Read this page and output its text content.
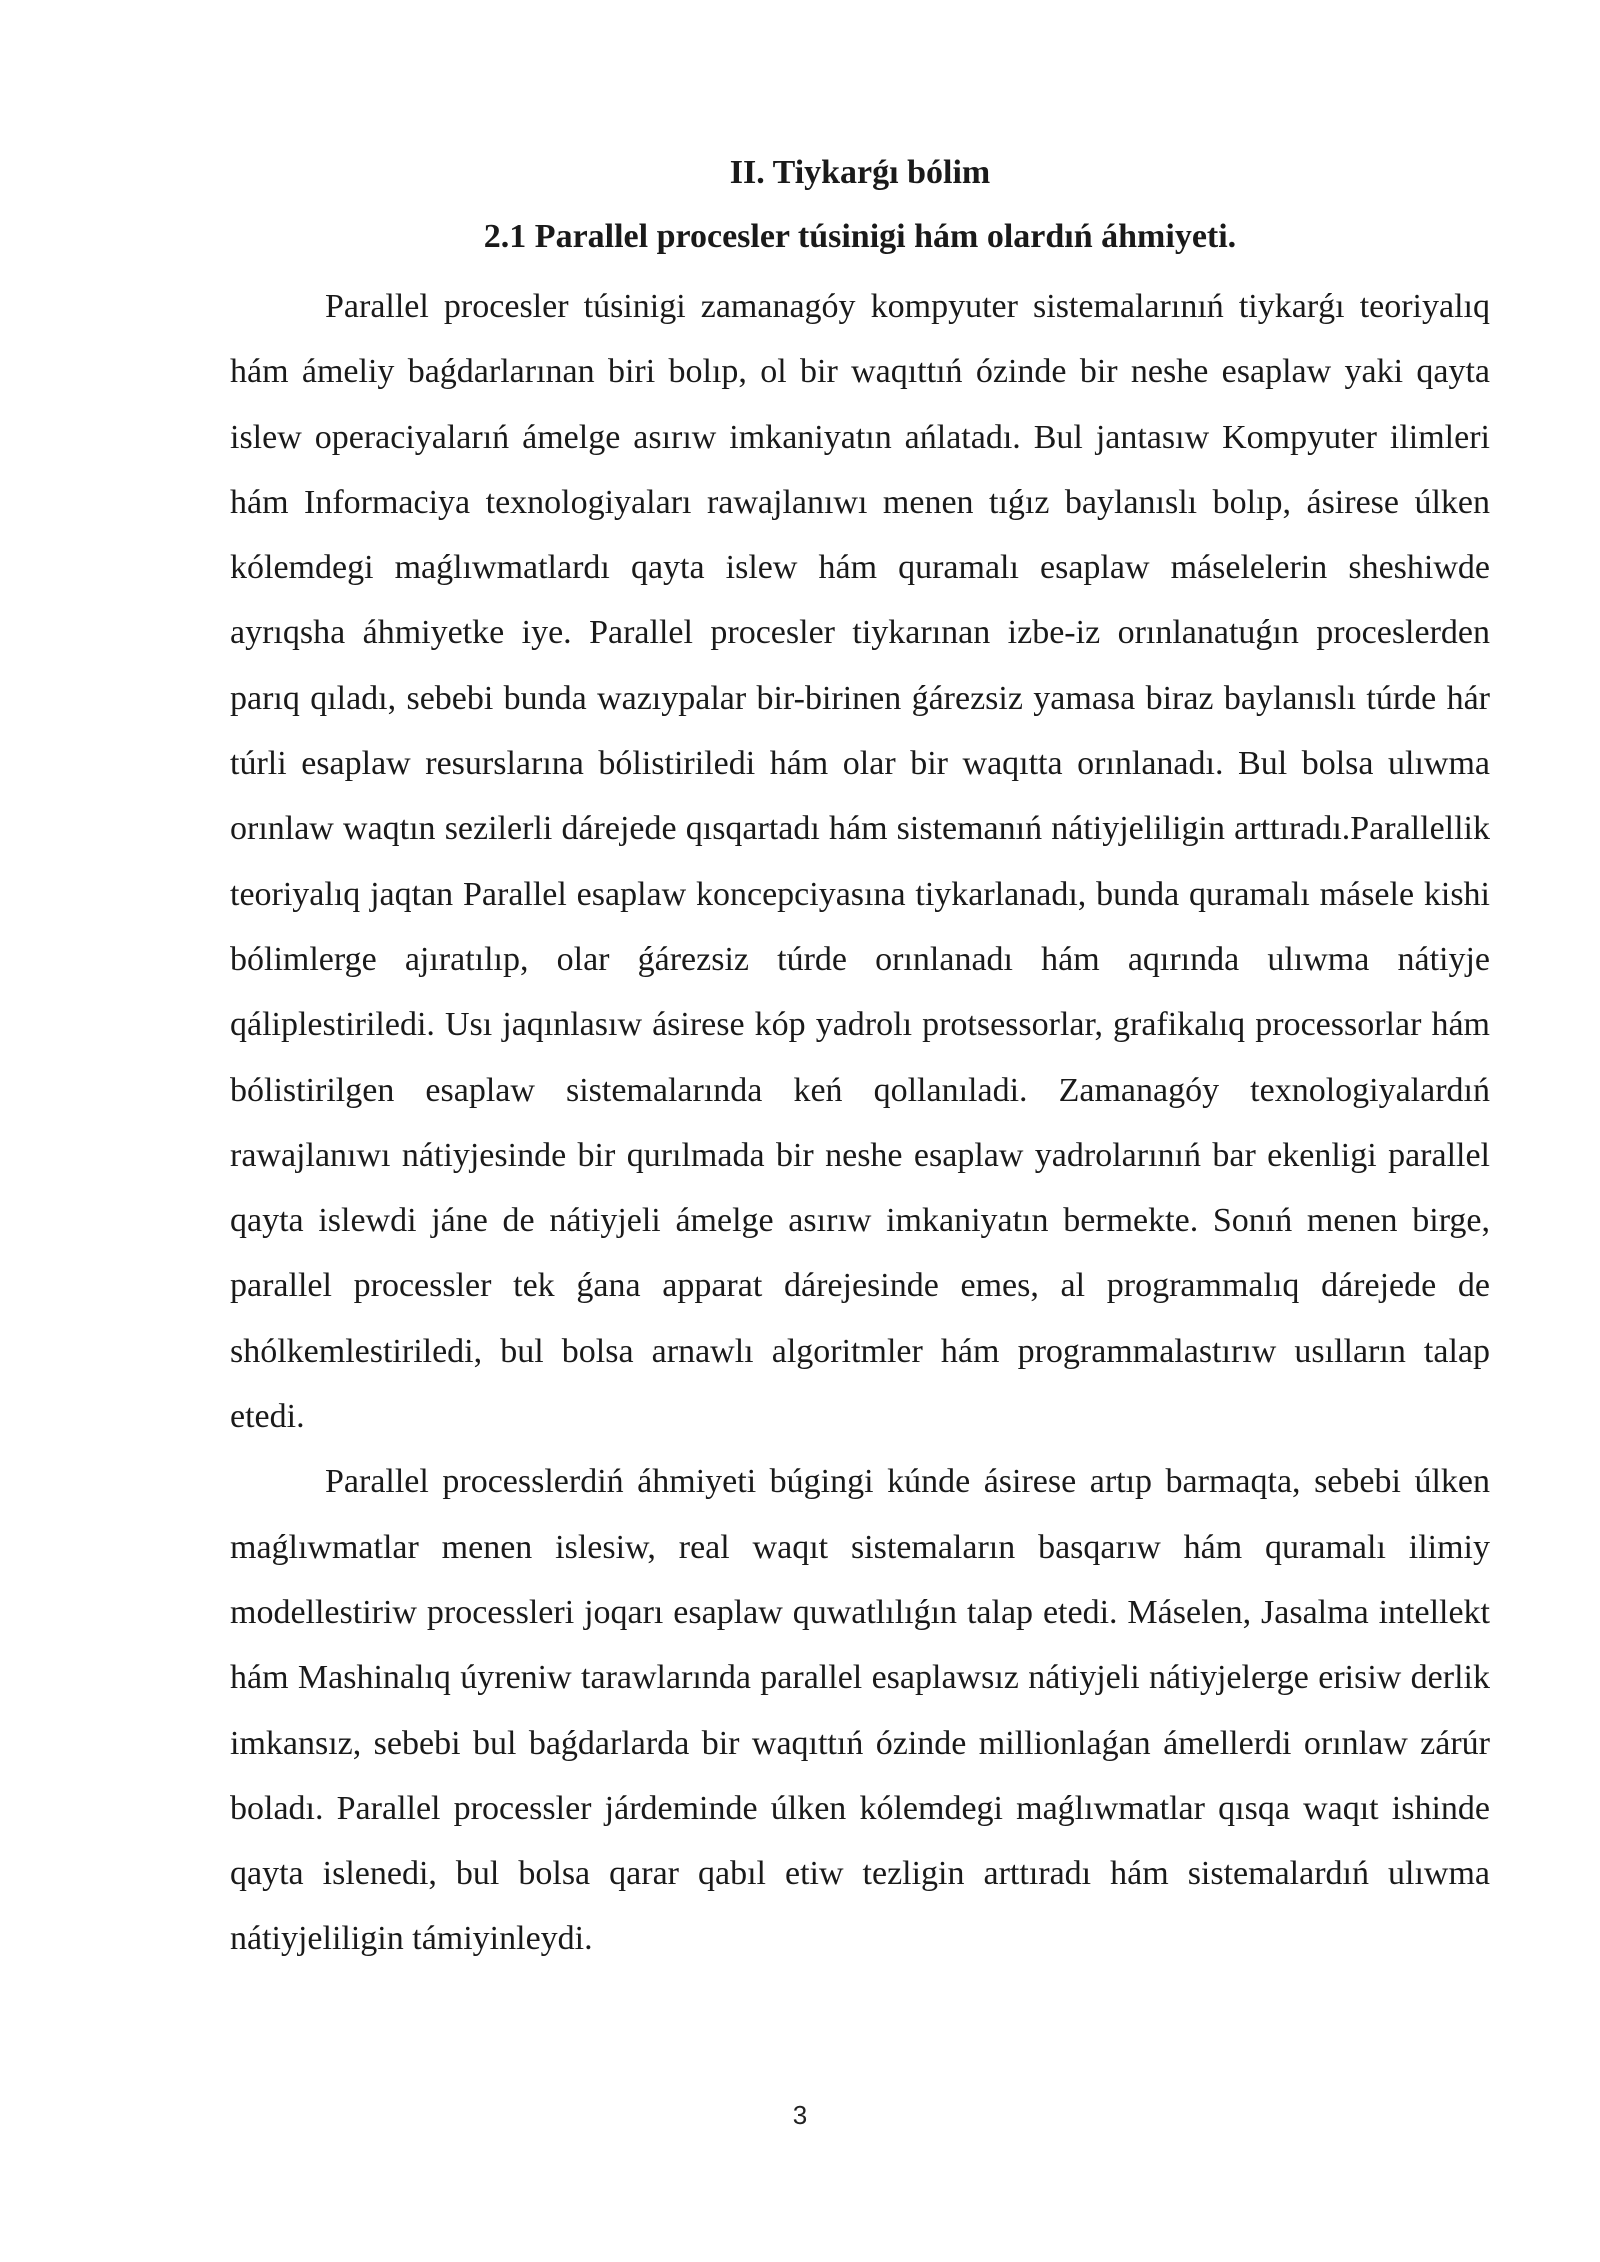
II. Tiykarǵı bólim
2.1 Parallel procesler túsinigi hám olardıń áhmiyeti.

Parallel procesler túsinigi zamanagóy kompyuter sistemalarınıń tiykarǵı teoriyalıq hám ámeliy baǵdarlarınan biri bolıp, ol bir waqıttıń ózinde bir neshe esaplaw yaki qayta islew operaciyalarıń ámelge asırıw imkaniyatın ańlatadı. Bul jantasıw Kompyuter ilimleri hám Informaciya texnologiyaları rawajlanıwı menen tıǵız baylanıslı bolıp, ásirese úlken kólemdegi maǵlıwmatlardı qayta islew hám quramalı esaplaw máselelerin sheshiwde ayrıqsha áhmiyetke iye. Parallel procesler tiykarınan izbe-iz orınlanatuǵın proceslerden parıq qıladı, sebebi bunda wazıypalar bir-birinen ǵárezsiz yamasa biraz baylanıslı túrde hár túrli esaplaw resurslarına bólistiriledi hám olar bir waqıtta orınlanadı. Bul bolsa ulıwma orınlaw waqtın sezilerli dárejede qısqartadı hám sistemanıń nátiyjeliligin arttıradı.Parallellik teoriyalıq jaqtan Parallel esaplaw koncepciyasına tiykarlanadı, bunda quramalı másele kishi bólimlerge ajıratılıp, olar ǵárezsiz túrde orınlanadı hám aqırında ulıwma nátiyje qáliplestiriledi. Usı jaqınlasıw ásirese kóp yadrolı protsessorlar, grafikalıq processorlar hám bólistirilgen esaplaw sistemalarında keń qollanıladi. Zamanagóy texnologiyalardıń rawajlanıwı nátiyjesinde bir qurılmada bir neshe esaplaw yadrolarınıń bar ekenligi parallel qayta islewdi jáne de nátiyjeli ámelge asırıw imkaniyatın bermekte. Sonıń menen birge, parallel processler tek ǵana apparat dárejesinde emes, al programmalıq dárejede de shólkemlestiriledi, bul bolsa arnawlı algoritmler hám programmalastırıw usılların talap etedi.

Parallel processlerdiń áhmiyeti búgingi kúnde ásirese artıp barmaqta, sebebi úlken maǵlıwmatlar menen islesiw, real waqıt sistemaların basqarıw hám quramalı ilimiy modellestiriw processleri joqarı esaplaw quwatlılıǵın talap etedi. Máselen, Jasalma intellekt hám Mashinalıq úyreniw tarawlarında parallel esaplawsız nátiyjeli nátiyjelerge erisiw derlik imkansız, sebebi bul baǵdarlarda bir waqıttıń ózinde millionlaǵan ámellerdi orınlaw zárúr boladı. Parallel processler járdeminde úlken kólemdegi maǵlıwmatlar qısqa waqıt ishinde qayta islenedi, bul bolsa qarar qabıl etiw tezligin arttıradı hám sistemalardıń ulıwma nátiyjeliligin támiyinleydi.

3
